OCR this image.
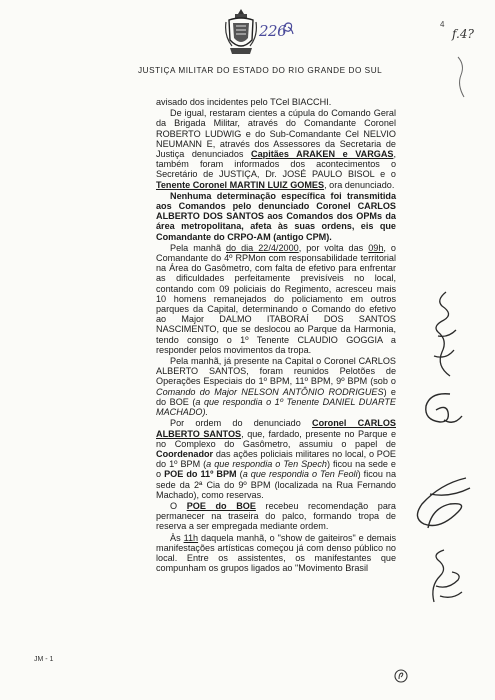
226	4
f.4?
JUSTIÇA MILITAR DO ESTADO DO RIO GRANDE DO SUL

avisado dos incidentes pelo TCel BIACCHI.

De igual, restaram cientes a cúpula do Comando Geral da Brigada Militar, através do Comandante Coronel ROBERTO LUDWIG e do Sub-Comandante Cel NELVIO NEUMANN E, através dos Assessores da Secretaria de Justiça denunciados Capitães ARAKEN e VARGAS, também foram informados dos acontecimentos o Secretário de JUSTIÇA, Dr. JOSÉ PAULO BISOL e o Tenente Coronel MARTIN LUIZ GOMES, ora denunciado.

Nenhuma determinação específica foi transmitida aos Comandos pelo denunciado Coronel CARLOS ALBERTO DOS SANTOS aos Comandos dos OPMs da área metropolitana, afeta às suas ordens, eis que Comandante do CRPO-AM (antigo CPM).

Pela manhã do dia 22/4/2000, por volta das 09h, o Comandante do 4º RPMon com responsabilidade territorial na Área do Gasômetro, com falta de efetivo para enfrentar as dificuldades perfeitamente previsíveis no local, contando com 09 policiais do Regimento, acresceu mais 10 homens remanejados do policiamento em outros parques da Capital, determinando o Comando do efetivo ao Major DALMO ITABORAÍ DOS SANTOS NASCIMENTO, que se deslocou ao Parque da Harmonia, tendo consigo o 1º Tenente CLAUDIO GOGGIA a responder pelos movimentos da tropa.

Pela manhã, já presente na Capital o Coronel CARLOS ALBERTO SANTOS, foram reunidos Pelotões de Operações Especiais do 1º BPM, 11º BPM, 9º BPM (sob o Comando do Major NELSON ANTÔNIO RODRIGUES) e do BOE (a que respondia o 1º Tenente DANIEL DUARTE MACHADO).

Por ordem do denunciado Coronel CARLOS ALBERTO SANTOS, que, fardado, presente no Parque e no Complexo do Gasômetro, assumiu o papel de Coordenador das ações policiais militares no local, o POE do 1º BPM (a que respondia o Ten Spech) ficou na sede e o POE do 11º BPM (a que respondia o Ten Feoli) ficou na sede da 2ª Cia do 9º BPM (localizada na Rua Fernando Machado), como reservas.

O POE do BOE recebeu recomendação para permanecer na traseira do palco, formando tropa de reserva a ser empregada mediante ordem.

Às 11h daquela manhã, o "show de gaiteiros" e demais manifestações artísticas começou já com denso público no local. Entre os assistentes, os manifestantes que compunham os grupos ligados ao "Movimento Brasil

JM - 1
